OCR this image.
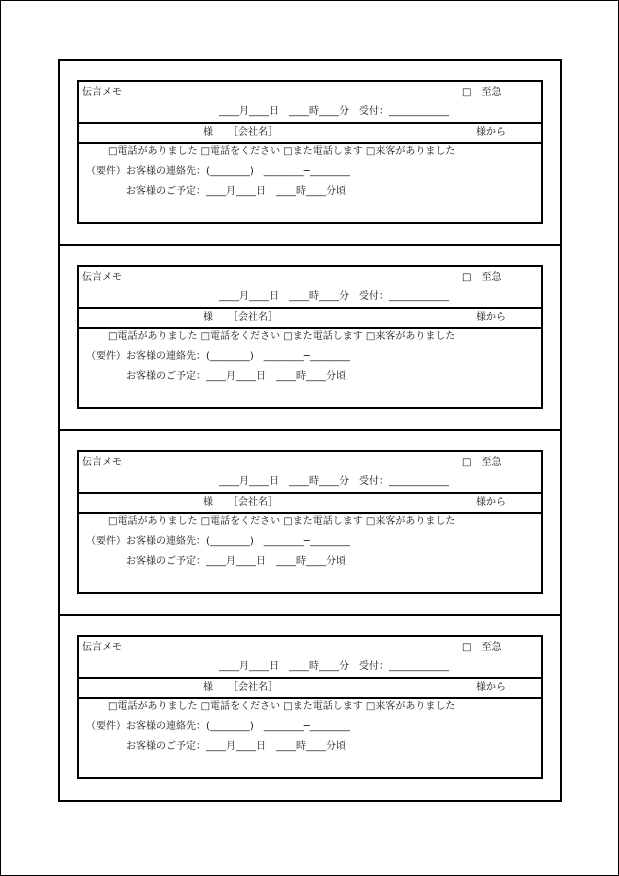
伝言メモ	□　至急
____月____日　____時____分　受付：____________
様　　［会社名］	様から
□電話がありました □電話をください □また電話します □来客がありました
（要件）お客様の連絡先：(________)　________─________
お客様のご予定：____月____日　____時____分頃
伝言メモ	□　至急
____月____日　____時____分　受付：____________
様　　［会社名］	様から
□電話がありました □電話をください □また電話します □来客がありました
（要件）お客様の連絡先：(________)　________─________
お客様のご予定：____月____日　____時____分頃
伝言メモ	□　至急
____月____日　____時____分　受付：____________
様　　［会社名］	様から
□電話がありました □電話をください □また電話します □来客がありました
（要件）お客様の連絡先：(________)　________─________
お客様のご予定：____月____日　____時____分頃
伝言メモ	□　至急
____月____日　____時____分　受付：____________
様　　［会社名］	様から
□電話がありました □電話をください □また電話します □来客がありました
（要件）お客様の連絡先：(________)　________─________
お客様のご予定：____月____日　____時____分頃
